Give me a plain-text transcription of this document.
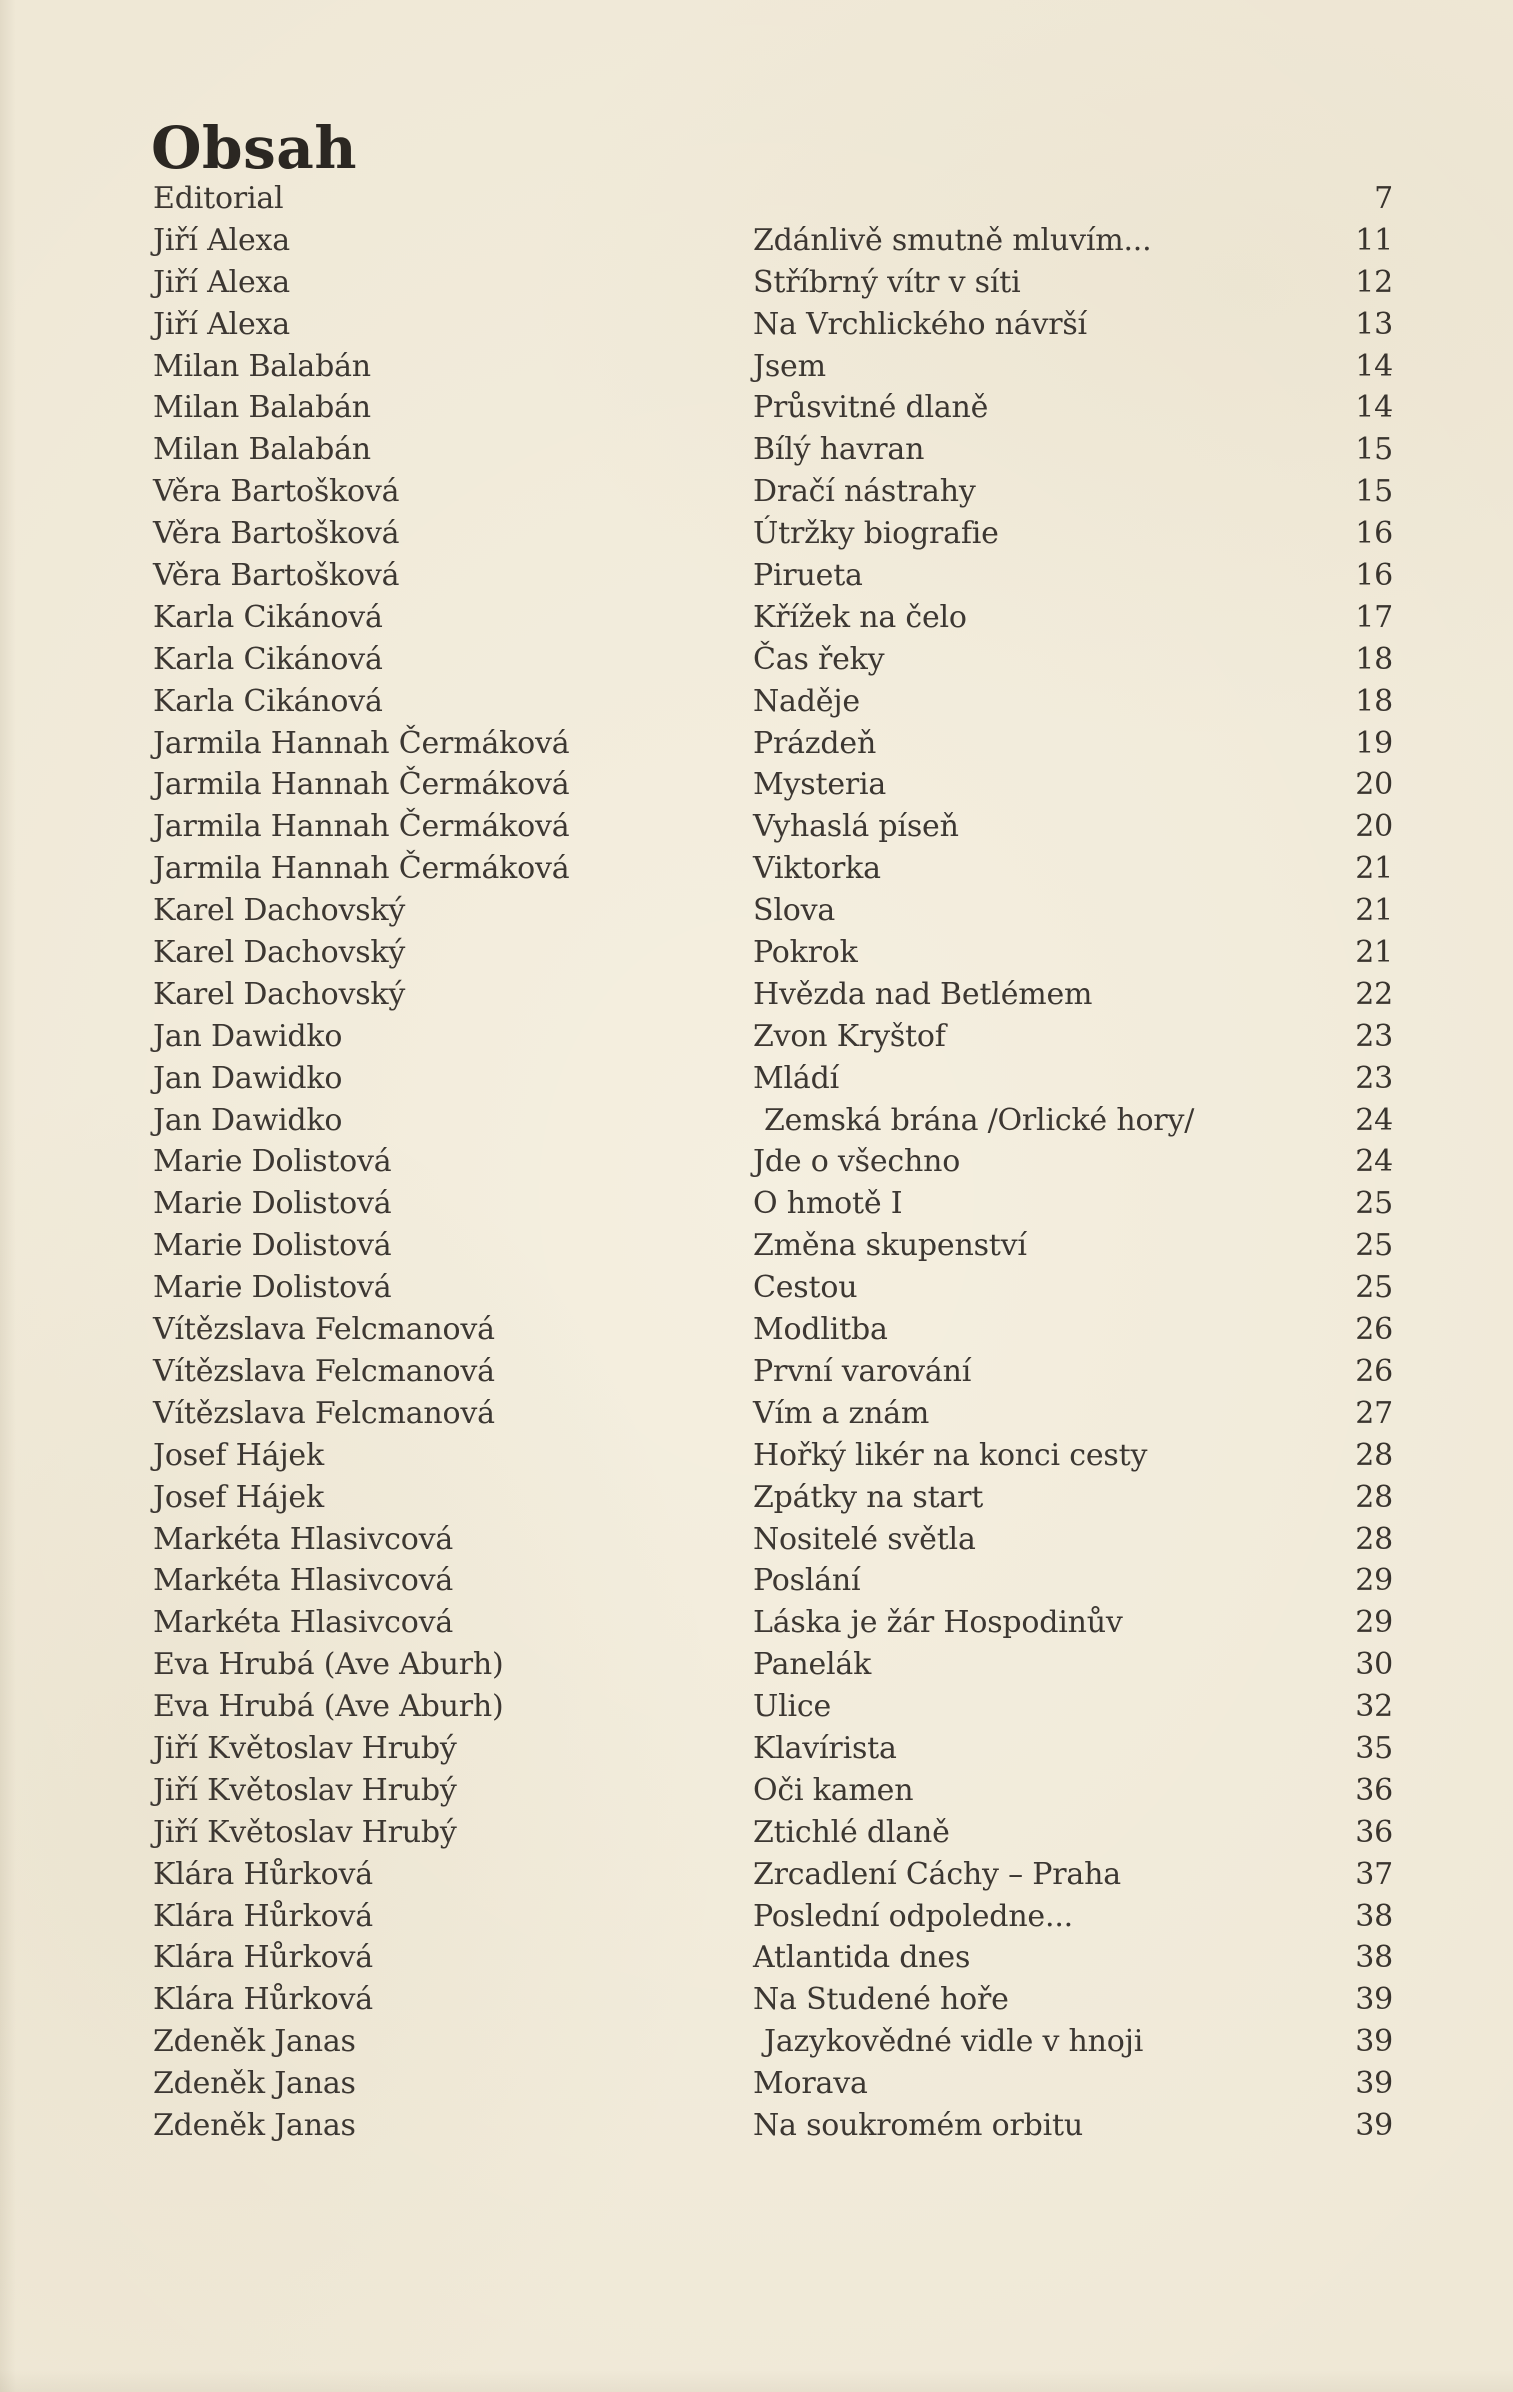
Obsah
Editorial	7
Jiří Alexa	Zdánlivě smutně mluvím...	11
Jiří Alexa	Stříbrný vítr v síti	12
Jiří Alexa	Na Vrchlického návrší	13
Milan Balabán	Jsem	14
Milan Balabán	Průsvitné dlaně	14
Milan Balabán	Bílý havran	15
Věra Bartošková	Dračí nástrahy	15
Věra Bartošková	Útržky biografie	16
Věra Bartošková	Pirueta	16
Karla Cikánová	Křížek na čelo	17
Karla Cikánová	Čas řeky	18
Karla Cikánová	Naděje	18
Jarmila Hannah Čermáková	Prázdeň	19
Jarmila Hannah Čermáková	Mysteria	20
Jarmila Hannah Čermáková	Vyhaslá píseň	20
Jarmila Hannah Čermáková	Viktorka	21
Karel Dachovský	Slova	21
Karel Dachovský	Pokrok	21
Karel Dachovský	Hvězda nad Betlémem	22
Jan Dawidko	Zvon Kryštof	23
Jan Dawidko	Mládí	23
Jan Dawidko	Zemská brána /Orlické hory/	24
Marie Dolistová	Jde o všechno	24
Marie Dolistová	O hmotě I	25
Marie Dolistová	Změna skupenství	25
Marie Dolistová	Cestou	25
Vítězslava Felcmanová	Modlitba	26
Vítězslava Felcmanová	První varování	26
Vítězslava Felcmanová	Vím a znám	27
Josef Hájek	Hořký likér na konci cesty	28
Josef Hájek	Zpátky na start	28
Markéta Hlasivcová	Nositelé světla	28
Markéta Hlasivcová	Poslání	29
Markéta Hlasivcová	Láska je žár Hospodinův	29
Eva Hrubá (Ave Aburh)	Panelák	30
Eva Hrubá (Ave Aburh)	Ulice	32
Jiří Květoslav Hrubý	Klavírista	35
Jiří Květoslav Hrubý	Oči kamen	36
Jiří Květoslav Hrubý	Ztichlé dlaně	36
Klára Hůrková	Zrcadlení Cáchy – Praha	37
Klára Hůrková	Poslední odpoledne...	38
Klára Hůrková	Atlantida dnes	38
Klára Hůrková	Na Studené hoře	39
Zdeněk Janas	Jazykovědné vidle v hnoji	39
Zdeněk Janas	Morava	39
Zdeněk Janas	Na soukromém orbitu	39
